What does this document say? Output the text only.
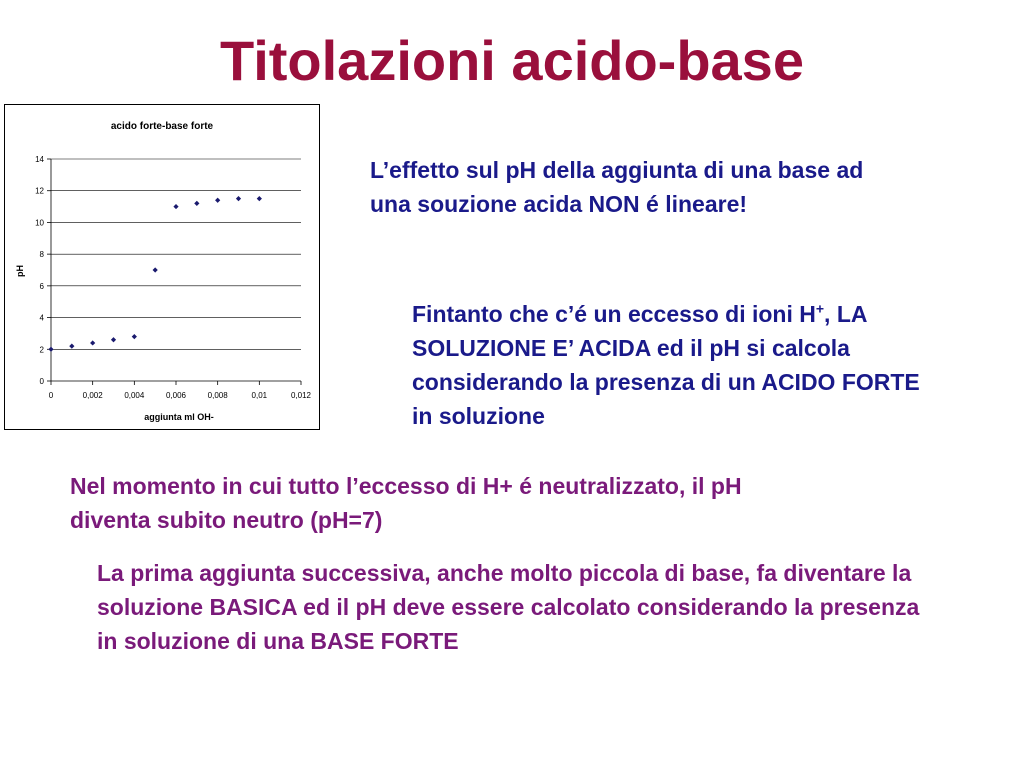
Titolazioni acido-base
acido forte-base forte
0
2
4
6
8
10
12
14
0	0,002	0,004	0,006	0,008	0,01	0,012
aggiunta ml OH-
pH
L’effetto sul pH della aggiunta di una base ad una souzione acida NON é lineare!
Fintanto che c’é un eccesso di ioni H+, LA SOLUZIONE E’ ACIDA ed il pH si calcola considerando la presenza di un ACIDO FORTE in soluzione
Nel momento in cui tutto l’eccesso di H+ é neutralizzato, il pH diventa subito neutro (pH=7)
La prima aggiunta successiva, anche molto piccola di base, fa diventare la soluzione BASICA ed il pH deve essere calcolato considerando la presenza in soluzione di una BASE FORTE
